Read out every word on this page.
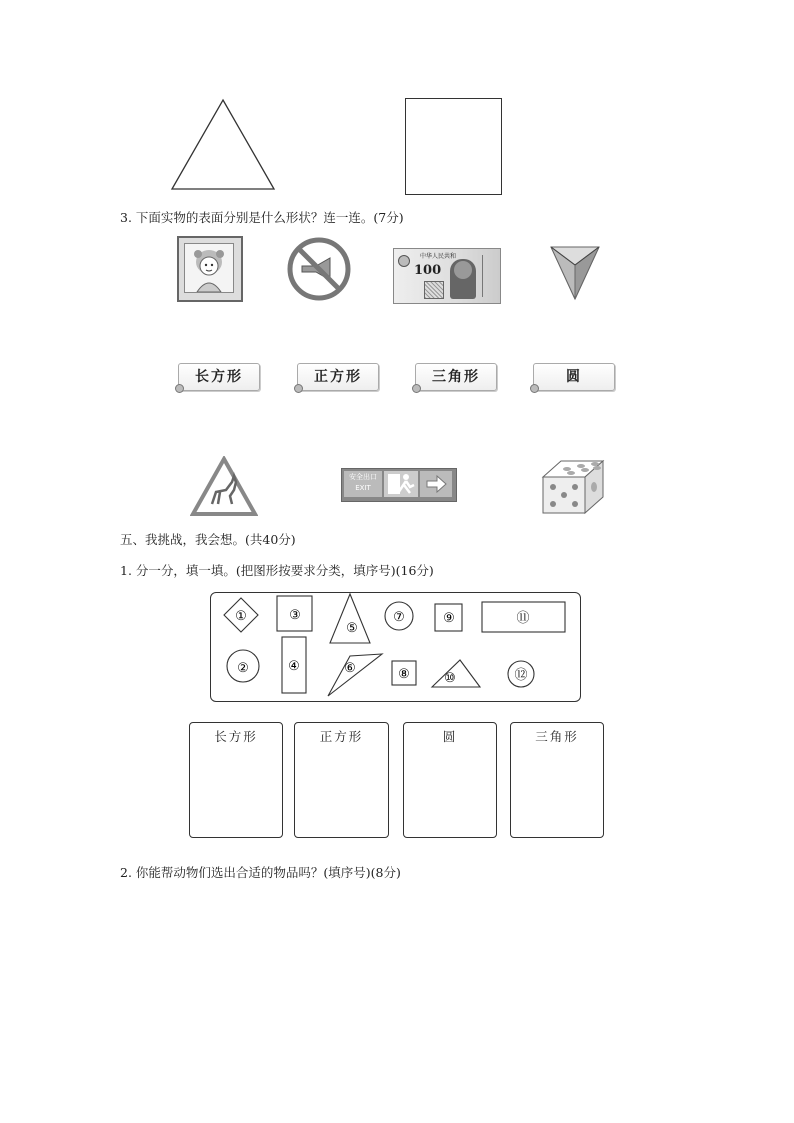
3. 下面实物的表面分别是什么形状？连一连。(7分)
中华人民共和
100
长方形	正方形	三角形	圆
安全出口
EXIT
五、我挑战，我会想。(共40分)
1. 分一分，填一填。(把图形按要求分类，填序号)(16分)
①
②
③
④
⑤
⑥
⑦
⑧
⑨
⑩
⑪
⑫
长方形	正方形	圆	三角形
2. 你能帮动物们选出合适的物品吗？(填序号)(8分)
